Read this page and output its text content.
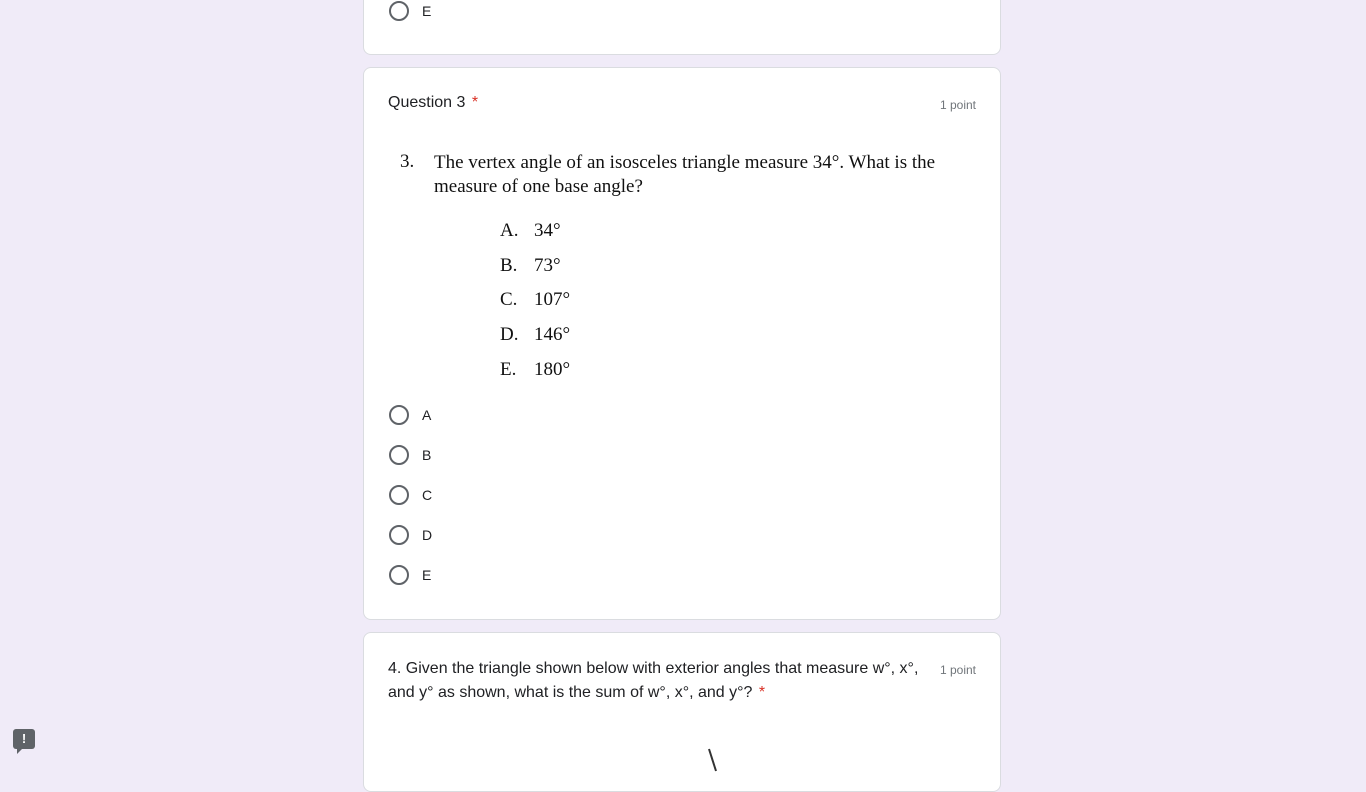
E
Question 3 *	1 point
3. The vertex angle of an isosceles triangle measure 34°. What is the measure of one base angle?
A. 34°
B. 73°
C. 107°
D. 146°
E. 180°
A
B
C
D
E
4. Given the triangle shown below with exterior angles that measure w°, x°, and y° as shown, what is the sum of w°, x°, and y°? *
1 point
!
